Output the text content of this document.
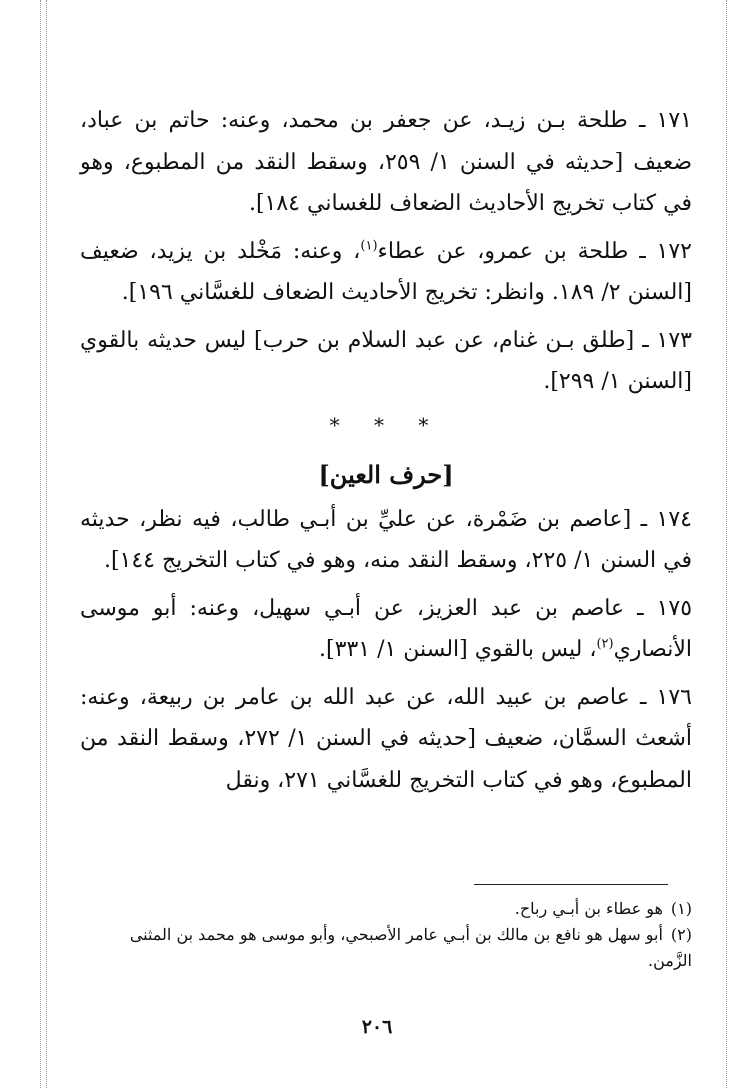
١٧١ ـ طلحة بـن زيـد، عن جعفر بن محمد، وعنه: حاتم بن عباد، ضعيف [حديثه في السنن ١/ ٢٥٩، وسقط النقد من المطبوع، وهو في كتاب تخريج الأحاديث الضعاف للغساني ١٨٤].

١٧٢ ـ طلحة بن عمرو، عن عطاء$^{(١)}$، وعنه: مَخْلد بن يزيد، ضعيف [السنن ٢/ ١٨٩. وانظر: تخريج الأحاديث الضعاف للغسَّاني ١٩٦].

١٧٣ ـ [طلق بـن غنام، عن عبد السلام بن حرب] ليس حديثه بالقوي [السنن ١/ ٢٩٩].

* * *
[حرف العين]

١٧٤ ـ [عاصم بن ضَمْرة، عن عليِّ بن أبـي طالب، فيه نظر، حديثه في السنن ١/ ٢٢٥، وسقط النقد منه، وهو في كتاب التخريج ١٤٤].

١٧٥ ـ عاصم بن عبد العزيز، عن أبـي سهيل، وعنه: أبو موسى الأنصاري$^{(٢)}$، ليس بالقوي [السنن ١/ ٣٣١].

١٧٦ ـ عاصم بن عبيد الله، عن عبد الله بن عامر بن ربيعة، وعنه: أشعث السمَّان، ضعيف [حديثه في السنن ١/ ٢٧٢، وسقط النقد من المطبوع، وهو في كتاب التخريج للغسَّاني ٢٧١، ونقل

(١)هو عطاء بن أبـي رباح.

(٢)أبو سهل هو نافع بن مالك بن أبـي عامر الأصبحي، وأبو موسى هو محمد بن المثنى الزَّمن.

٢٠٦
